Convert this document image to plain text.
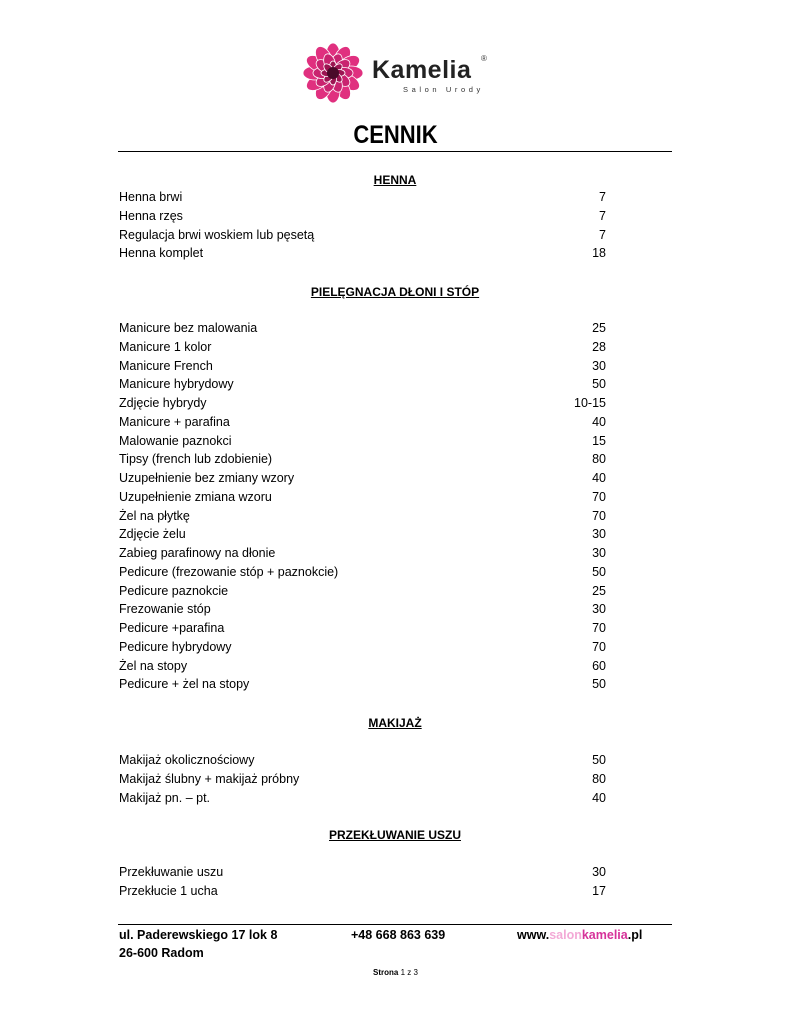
Kamelia ®
Salon Urody
CENNIK
HENNA
Henna brwi	7
Henna rzęs	7
Regulacja brwi woskiem lub pęsetą	7
Henna komplet	18
PIELĘGNACJA DŁONI I STÓP
Manicure bez malowania	25
Manicure 1 kolor	28
Manicure French	30
Manicure hybrydowy	50
Zdjęcie hybrydy	10-15
Manicure + parafina	40
Malowanie paznokci	15
Tipsy (french lub zdobienie)	80
Uzupełnienie bez zmiany wzory	40
Uzupełnienie zmiana wzoru	70
Żel na płytkę	70
Zdjęcie żelu	30
Zabieg parafinowy na dłonie	30
Pedicure (frezowanie stóp + paznokcie)	50
Pedicure paznokcie	25
Frezowanie stóp	30
Pedicure +parafina	70
Pedicure hybrydowy	70
Żel na stopy	60
Pedicure + żel na stopy	50
MAKIJAŻ
Makijaż okolicznościowy	50
Makijaż ślubny + makijaż próbny	80
Makijaż pn. – pt.	40
PRZEKŁUWANIE USZU
Przekłuwanie uszu	30
Przekłucie 1 ucha	17
ul. Paderewskiego 17 lok 8
26-600 Radom
+48 668 863 639	www.salonkamelia.pl
Strona 1 z 3
